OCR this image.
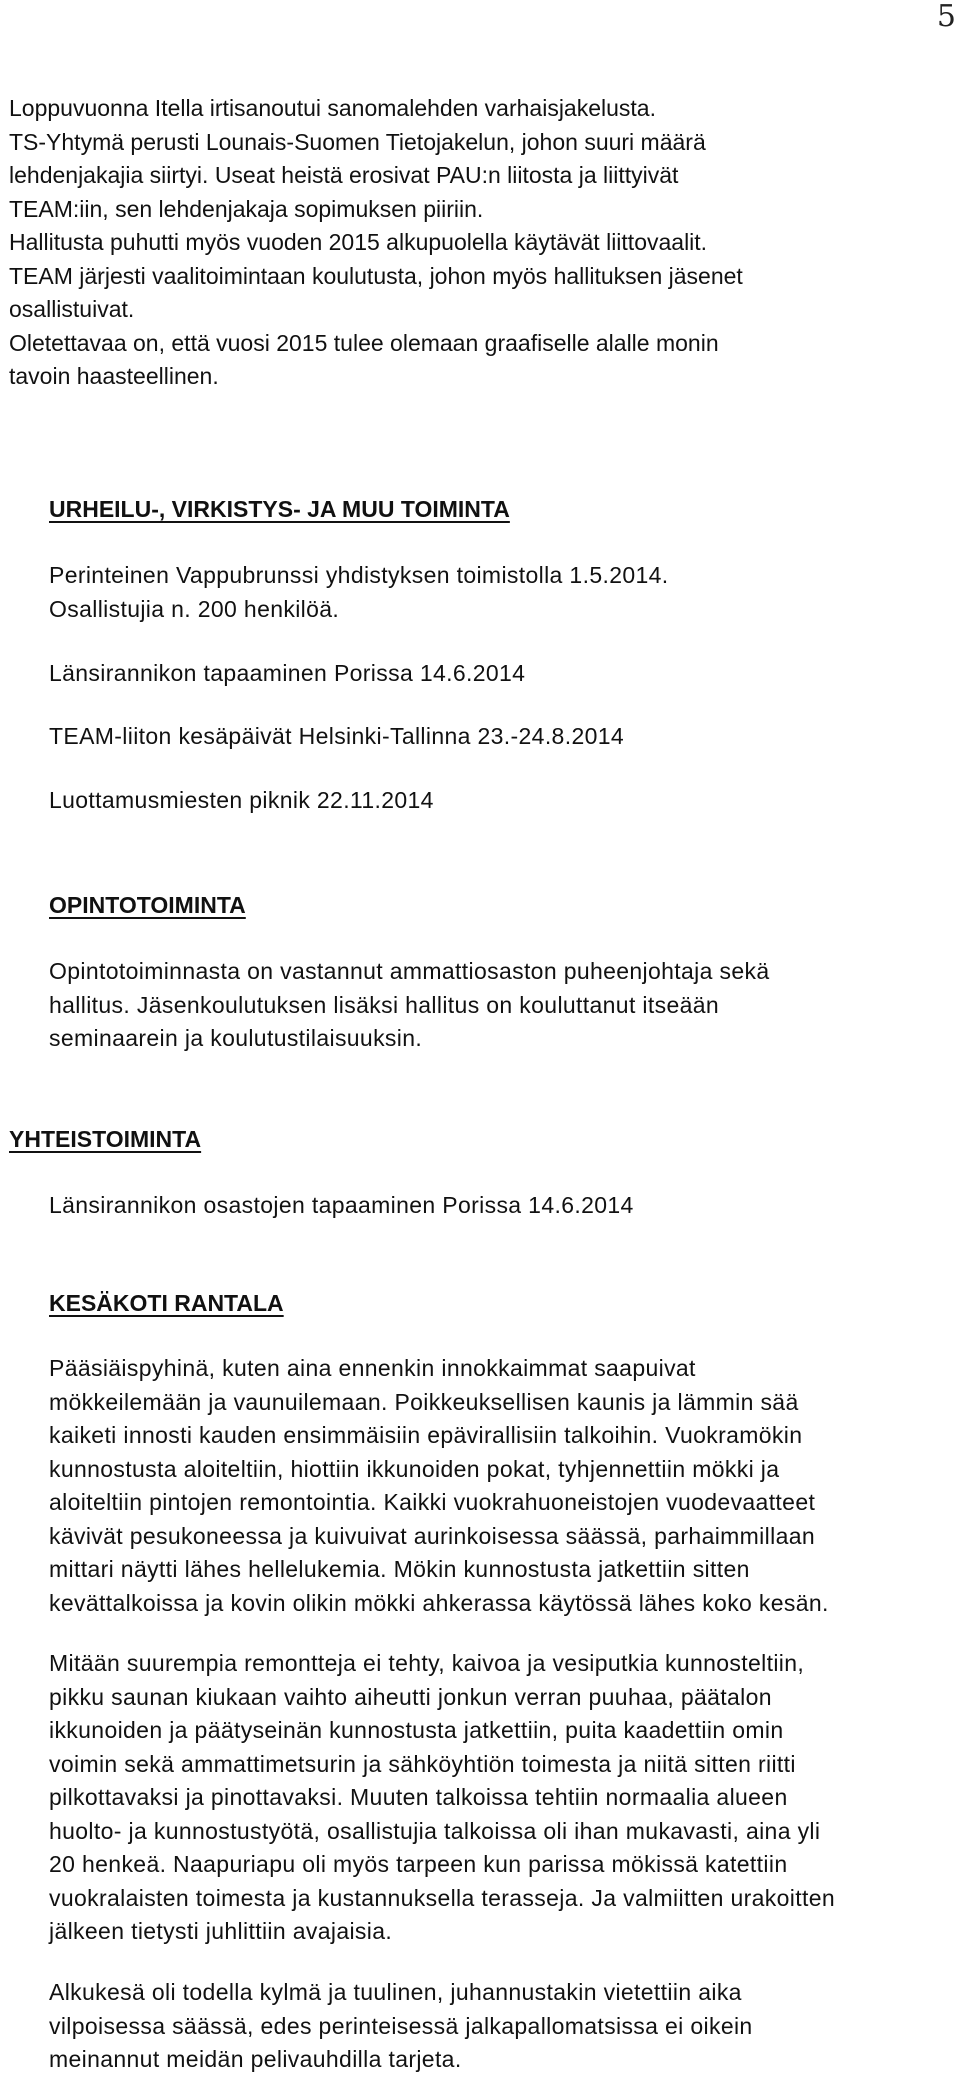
5

Loppuvuonna Itella irtisanoutui sanomalehden varhaisjakelusta.

TS-Yhtymä perusti Lounais-Suomen Tietojakelun, johon suuri määrä

lehdenjakajia siirtyi. Useat heistä erosivat PAU:n liitosta ja liittyivät

TEAM:iin, sen lehdenjakaja sopimuksen piiriin.

Hallitusta puhutti myös vuoden 2015 alkupuolella käytävät liittovaalit.

TEAM järjesti vaalitoimintaan koulutusta, johon myös hallituksen jäsenet

osallistuivat.

Oletettavaa on, että vuosi 2015 tulee olemaan graafiselle alalle monin

tavoin haasteellinen.

URHEILU-, VIRKISTYS- JA MUU TOIMINTA
Perinteinen Vappubrunssi yhdistyksen toimistolla 1.5.2014.
Osallistujia n. 200 henkilöä.
Länsirannikon tapaaminen Porissa 14.6.2014
TEAM-liiton kesäpäivät Helsinki-Tallinna 23.-24.8.2014
Luottamusmiesten piknik 22.11.2014
OPINTOTOIMINTA

Opintotoiminnasta on vastannut ammattiosaston puheenjohtaja sekä

hallitus. Jäsenkoulutuksen lisäksi hallitus on kouluttanut itseään

seminaarein ja koulutustilaisuuksin.

YHTEISTOIMINTA
Länsirannikon osastojen tapaaminen Porissa 14.6.2014
KESÄKOTI RANTALA

Pääsiäispyhinä, kuten aina ennenkin innokkaimmat saapuivat

mökkeilemään ja vaunuilemaan. Poikkeuksellisen kaunis ja lämmin sää

kaiketi innosti kauden ensimmäisiin epävirallisiin talkoihin. Vuokramökin

kunnostusta aloiteltiin, hiottiin ikkunoiden pokat, tyhjennettiin mökki ja

aloiteltiin pintojen remontointia. Kaikki vuokrahuoneistojen vuodevaatteet

kävivät pesukoneessa ja kuivuivat aurinkoisessa säässä, parhaimmillaan

mittari näytti lähes hellelukemia. Mökin kunnostusta jatkettiin sitten

kevättalkoissa ja kovin olikin mökki ahkerassa käytössä lähes koko kesän.

Mitään suurempia remontteja ei tehty, kaivoa ja vesiputkia kunnosteltiin,

pikku saunan kiukaan vaihto aiheutti jonkun verran puuhaa, päätalon

ikkunoiden ja päätyseinän kunnostusta jatkettiin, puita kaadettiin omin

voimin sekä ammattimetsurin ja sähköyhtiön toimesta ja niitä sitten riitti

pilkottavaksi ja pinottavaksi. Muuten talkoissa tehtiin normaalia alueen

huolto- ja kunnostustyötä, osallistujia talkoissa oli ihan mukavasti, aina yli

20 henkeä. Naapuriapu oli myös tarpeen kun parissa mökissä katettiin

vuokralaisten toimesta ja kustannuksella terasseja. Ja valmiitten urakoitten

jälkeen tietysti juhlittiin avajaisia.

Alkukesä oli todella kylmä ja tuulinen, juhannustakin vietettiin aika

vilpoisessa säässä, edes perinteisessä jalkapallomatsissa ei oikein

meinannut meidän pelivauhdilla tarjeta.
